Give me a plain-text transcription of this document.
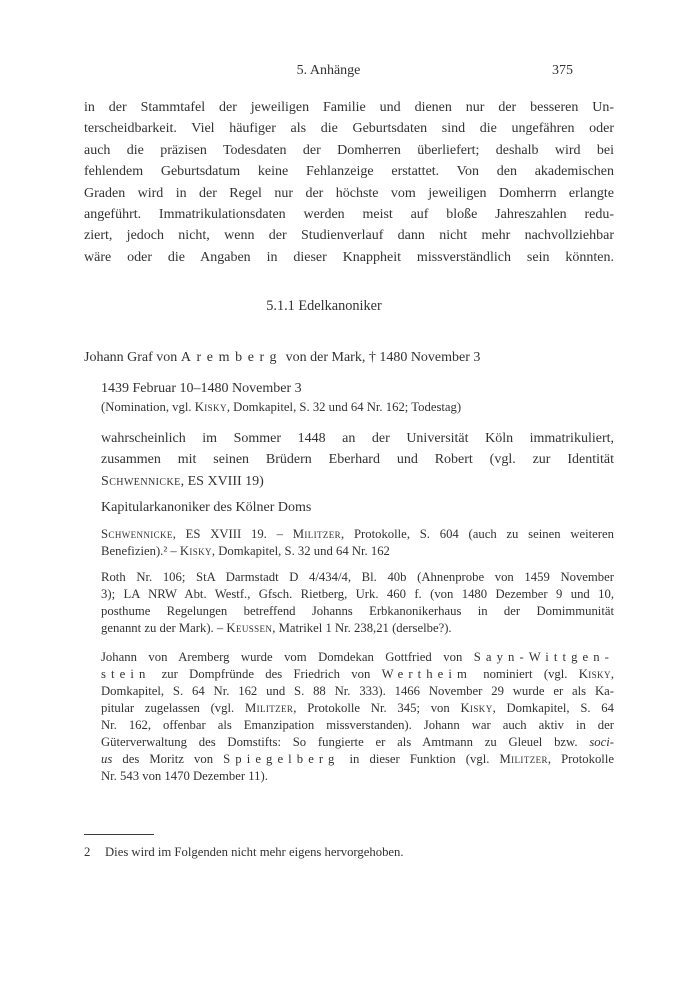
5. Anhänge	375
in der Stammtafel der jeweiligen Familie und dienen nur der besseren Un-
terscheidbarkeit. Viel häufiger als die Geburtsdaten sind die ungefähren oder
auch die präzisen Todesdaten der Domherren überliefert; deshalb wird bei
fehlendem Geburtsdatum keine Fehlanzeige erstattet. Von den akademischen
Graden wird in der Regel nur der höchste vom jeweiligen Domherrn erlangte
angeführt. Immatrikulationsdaten werden meist auf bloße Jahreszahlen redu-
ziert, jedoch nicht, wenn der Studienverlauf dann nicht mehr nachvollziehbar
wäre oder die Angaben in dieser Knappheit missverständlich sein könnten.
5.1.1 Edelkanoniker
Johann Graf von Aremberg von der Mark, † 1480 November 3
1439 Februar 10–1480 November 3
(Nomination, vgl. Kisky, Domkapitel, S. 32 und 64 Nr. 162; Todestag)
wahrscheinlich im Sommer 1448 an der Universität Köln immatrikuliert,
zusammen mit seinen Brüdern Eberhard und Robert (vgl. zur Identität
Schwennicke, ES XVIII 19)
Kapitularkanoniker des Kölner Doms
Schwennicke, ES XVIII 19. – Militzer, Protokolle, S. 604 (auch zu seinen weiteren
Benefizien).² – Kisky, Domkapitel, S. 32 und 64 Nr. 162
Roth Nr. 106; StA Darmstadt D 4/434/4, Bl. 40b (Ahnenprobe von 1459 November
3); LA NRW Abt. Westf., Gfsch. Rietberg, Urk. 460 f. (von 1480 Dezember 9 und 10,
posthume Regelungen betreffend Johanns Erbkanonikerhaus in der Domimmunität
genannt zu der Mark). – Keussen, Matrikel 1 Nr. 238,21 (derselbe?).
Johann von Aremberg wurde vom Domdekan Gottfried von Sayn-Wittgen-
stein zur Dompfründe des Friedrich von Wertheim nominiert (vgl. Kisky,
Domkapitel, S. 64 Nr. 162 und S. 88 Nr. 333). 1466 November 29 wurde er als Ka-
pitular zugelassen (vgl. Militzer, Protokolle Nr. 345; von Kisky, Domkapitel, S. 64
Nr. 162, offenbar als Emanzipation missverstanden). Johann war auch aktiv in der
Güterverwaltung des Domstifts: So fungierte er als Amtmann zu Gleuel bzw. soci-
us des Moritz von Spiegelberg in dieser Funktion (vgl. Militzer, Protokolle
Nr. 543 von 1470 Dezember 11).
2	Dies wird im Folgenden nicht mehr eigens hervorgehoben.
